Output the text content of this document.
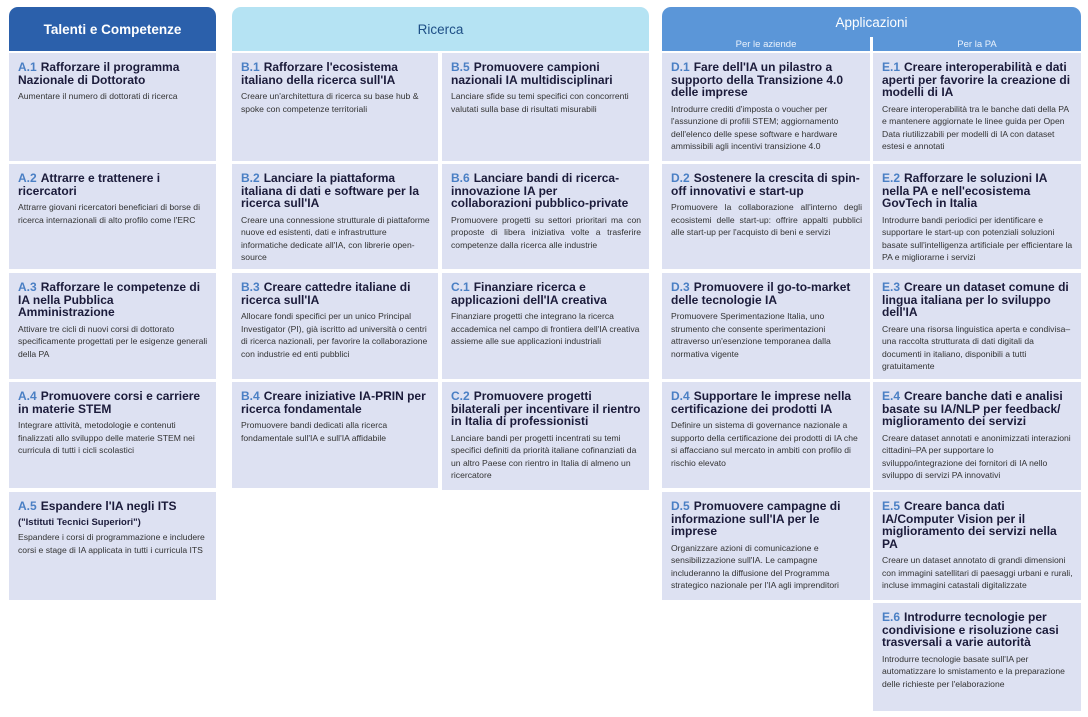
Talenti e Competenze	Ricerca	Applicazioni
Per le aziende	Per la PA

A.1 Rafforzare il programma Nazionale di Dottorato

Aumentare il numero di dottorati di ricerca

A.2 Attrarre e trattenere i ricercatori

Attrarre giovani ricercatori beneficiari di borse di ricerca internazionali di alto profilo come l'ERC

A.3 Rafforzare le competenze di IA nella Pubblica Amministrazione

Attivare tre cicli di nuovi corsi di dottorato specificamente progettati per le esigenze generali della PA

A.4 Promuovere corsi e carriere in materie STEM

Integrare attività, metodologie e contenuti finalizzati allo sviluppo delle materie STEM nei curricula di tutti i cicli scolastici

A.5 Espandere l'IA negli ITS

("Istituti Tecnici Superiori")

Espandere i corsi di programmazione e includere corsi e stage di IA applicata in tutti i curricula ITS

B.1 Rafforzare l'ecosistema italiano della ricerca sull'IA

Creare un'architettura di ricerca su base hub & spoke con competenze territoriali

B.2 Lanciare la piattaforma italiana di dati e software per la ricerca sull'IA

Creare una connessione strutturale di piattaforme nuove ed esistenti, dati e infrastrutture informatiche dedicate all'IA, con librerie open-source

B.3 Creare cattedre italiane di ricerca sull'IA

Allocare fondi specifici per un unico Principal Investigator (PI), già iscritto ad università o centri di ricerca nazionali, per favorire la collaborazione con industrie ed enti pubblici

B.4 Creare iniziative IA-PRIN per ricerca fondamentale

Promuovere bandi dedicati alla ricerca fondamentale sull'IA e sull'IA affidabile

B.5 Promuovere campioni nazionali IA multidisciplinari

Lanciare sfide su temi specifici con concorrenti valutati sulla base di risultati misurabili

B.6 Lanciare bandi di ricerca-innovazione IA per collaborazioni pubblico-private

Promuovere progetti su settori prioritari ma con proposte di libera iniziativa volte a trasferire competenze dalla ricerca alle industrie

C.1 Finanziare ricerca e applicazioni dell'IA creativa

Finanziare progetti che integrano la ricerca accademica nel campo di frontiera dell'IA creativa assieme alle sue applicazioni industriali

C.2 Promuovere progetti bilaterali per incentivare il rientro in Italia di professionisti

Lanciare bandi per progetti incentrati su temi specifici definiti da priorità italiane cofinanziati da un altro Paese con rientro in Italia di almeno un ricercatore

D.1 Fare dell'IA un pilastro a supporto della Transizione 4.0 delle imprese

Introdurre crediti d'imposta o voucher per l'assunzione di profili STEM; aggiornamento dell'elenco delle spese software e hardware ammissibili agli incentivi transizione 4.0

D.2 Sostenere la crescita di spin-off innovativi e start-up

Promuovere la collaborazione all'interno degli ecosistemi delle start-up: offrire appalti pubblici alle start-up per l'acquisto di beni e servizi

D.3 Promuovere il go-to-market delle tecnologie IA

Promuovere Sperimentazione Italia, uno strumento che consente sperimentazioni attraverso un'esenzione temporanea dalla normativa vigente

D.4 Supportare le imprese nella certificazione dei prodotti IA

Definire un sistema di governance nazionale a supporto della certificazione dei prodotti di IA che si affacciano sul mercato in ambiti con profilo di rischio elevato

D.5 Promuovere campagne di informazione sull'IA per le imprese

Organizzare azioni di comunicazione e sensibilizzazione sull'IA. Le campagne includeranno la diffusione del Programma strategico nazionale per l'IA agli imprenditori

E.1 Creare interoperabilità e dati aperti per favorire la creazione di modelli di IA

Creare interoperabilità tra le banche dati della PA e mantenere aggiornate le linee guida per Open Data riutilizzabili per modelli di IA con dataset estesi e annotati

E.2 Rafforzare le soluzioni IA nella PA e nell'ecosistema GovTech in Italia

Introdurre bandi periodici per identificare e supportare le start-up con potenziali soluzioni basate sull'intelligenza artificiale per efficientare la PA e migliorarne i servizi

E.3 Creare un dataset comune di lingua italiana per lo sviluppo dell'IA

Creare una risorsa linguistica aperta e condivisa–una raccolta strutturata di dati digitali da documenti in italiano, disponibili a tutti gratuitamente

E.4 Creare banche dati e analisi basate su IA/NLP per feedback/ miglioramento dei servizi

Creare dataset annotati e anonimizzati interazioni cittadini–PA per supportare lo sviluppo/integrazione dei fornitori di IA nello sviluppo di servizi PA innovativi

E.5 Creare banca dati IA/Computer Vision per il miglioramento dei servizi nella PA

Creare un dataset annotato di grandi dimensioni con immagini satellitari di paesaggi urbani e rurali, incluse immagini catastali digitalizzate

E.6 Introdurre tecnologie per condivisione e risoluzione casi trasversali a varie autorità

Introdurre tecnologie basate sull'IA per automatizzare lo smistamento e la preparazione delle richieste per l'elaborazione
